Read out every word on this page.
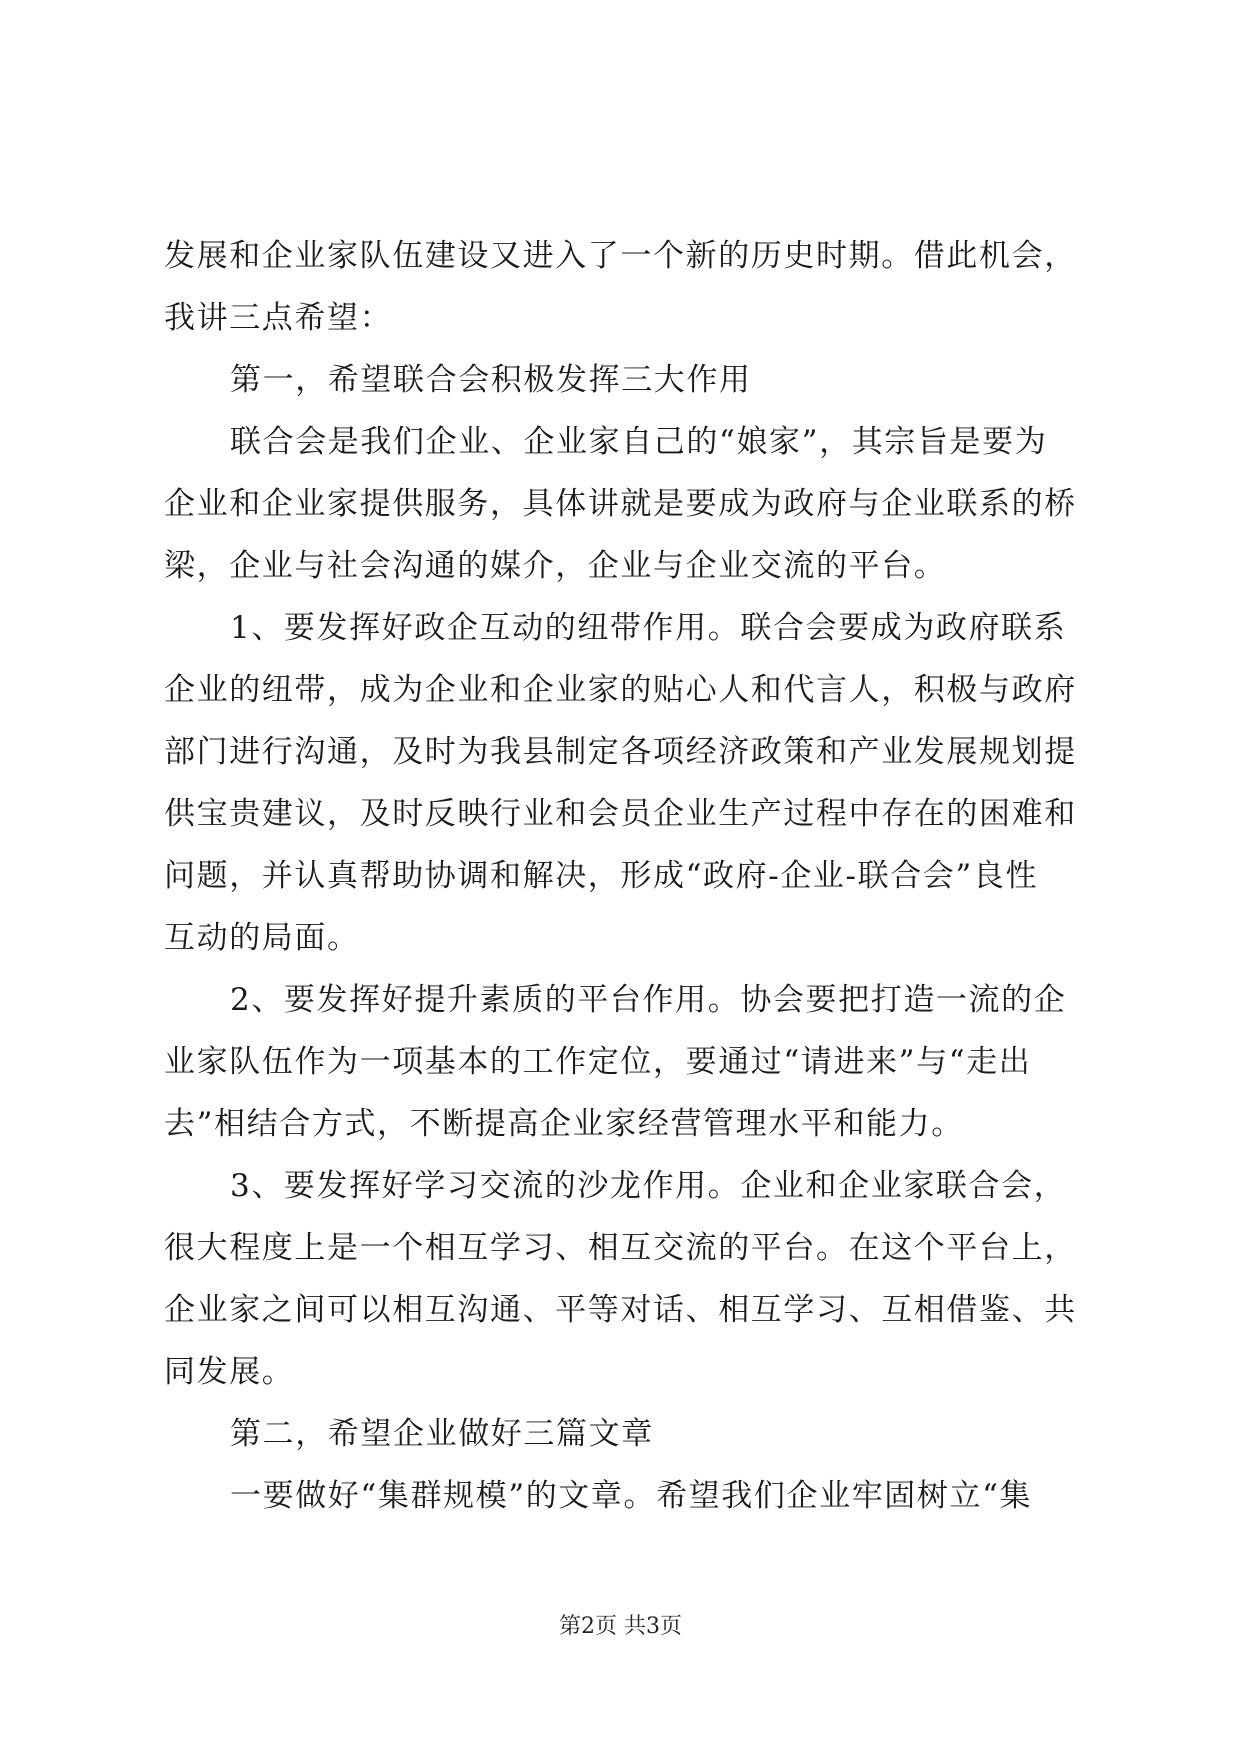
发展和企业家队伍建设又进入了一个新的历史时期。借此机会，
我讲三点希望：
第一，希望联合会积极发挥三大作用
联合会是我们企业、企业家自己的“娘家”，其宗旨是要为
企业和企业家提供服务，具体讲就是要成为政府与企业联系的桥
梁，企业与社会沟通的媒介，企业与企业交流的平台。
1、要发挥好政企互动的纽带作用。联合会要成为政府联系
企业的纽带，成为企业和企业家的贴心人和代言人，积极与政府
部门进行沟通，及时为我县制定各项经济政策和产业发展规划提
供宝贵建议，及时反映行业和会员企业生产过程中存在的困难和
问题，并认真帮助协调和解决，形成“政府-企业-联合会”良性
互动的局面。
2、要发挥好提升素质的平台作用。协会要把打造一流的企
业家队伍作为一项基本的工作定位，要通过“请进来”与“走出
去”相结合方式，不断提高企业家经营管理水平和能力。
3、要发挥好学习交流的沙龙作用。企业和企业家联合会，
很大程度上是一个相互学习、相互交流的平台。在这个平台上，
企业家之间可以相互沟通、平等对话、相互学习、互相借鉴、共
同发展。
第二，希望企业做好三篇文章
一要做好“集群规模”的文章。希望我们企业牢固树立“集
第2页 共3页
